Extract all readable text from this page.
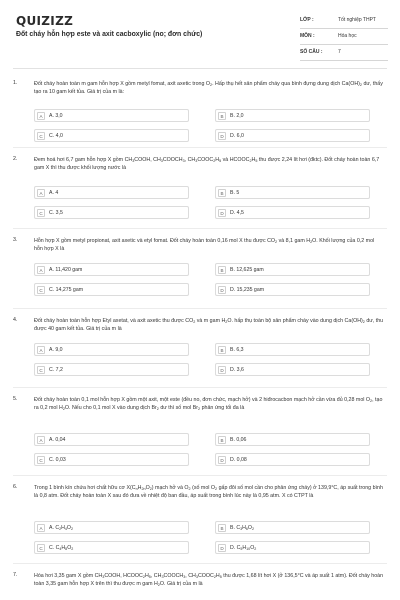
QUIZIZZ
Đốt cháy hỗn hợp este và axit cacboxylic (no; đơn chức)
LỚP :	Tốt nghiệp THPT
MÔN :	Hóa học
SỐ CÂU :	7
1.	Đốt cháy hoàn toàn m gam hỗn hợp X gồm metyl fomat, axit axetic trong $O_2$. Hấp thụ hết sản phẩm cháy qua bình đựng dung dịch $Ca(OH)_2$ dư, thấy tạo ra 10 gam kết tủa. Giá trị của m là:
A	A. 3,0	B	B. 2,0
C	C. 4,0	D	D. 6,0
2.	Đem hoá hơi 6,7 gam hỗn hợp X gồm $CH_3COOH$, $CH_3COOCH_3$, $CH_3COOC_2H_5$ và $HCOOC_2H_5$ thu được 2,24 lít hơi (đktc). Đốt cháy hoàn toàn 6,7 gam X thì thu được khối lượng nước là
A	A. 4	B	B. 5
C	C. 3,5	D	D. 4,5
3.	Hỗn hợp X gồm metyl propionat, axit axetic và etyl fomat. Đốt cháy hoàn toàn 0,16 mol X thu được $CO_2$ và 8,1 gam $H_2O$. Khối lượng của 0,2 mol hỗn hợp X là
A	A. 11,420 gam	B	B. 12,625 gam
C	C. 14,275 gam	D	D. 15,235 gam
4.	Đốt cháy hoàn toàn hỗn hợp Etyl axetat, và axit axetic thu được $CO_2$ và m gam $H_2O$. hấp thụ toàn bộ sản phẩm cháy vào dung dịch $Ca(OH)_2$ dư, thu được 40 gam kết tủa. Giá trị của m là
A	A. 9,0	B	B. 6,3
C	C. 7,2	D	D. 3,6
5.	Đốt cháy hoàn toàn 0,1 mol hỗn hợp X gồm một axit, một este (đều no, đơn chức, mạch hở) và 2 hiđrocacbon mạch hở cần vừa đủ 0,28 mol $O_2$, tạo ra 0,2 mol $H_2O$. Nếu cho 0,1 mol X vào dung dịch $Br_2$ dư thì số mol $Br_2$ phản ứng tối đa là
A	A. 0,04	B	B. 0,06
C	C. 0,03	D	D. 0,08
6.	Trong 1 bình kín chứa hơi chất hữu cơ $X(C_nH_{2n}O_2)$ mạch hở và $O_2$ (số mol $O_2$ gấp đôi số mol cần cho phản ứng cháy) ở 139,9°C, áp suất trong bình là 0,8 atm. Đốt cháy hoàn toàn X sau đó đưa về nhiệt độ ban đầu, áp suất trong bình lúc này là 0,95 atm. X có CTPT là
A	A. $C_2H_4O_2$	B	B. $C_3H_6O_2$
C	C. $C_4H_8O_2$	D	D. $C_5H_{10}O_2$
7.	Hóa hơi 3,35 gam X gồm $CH_3COOH$, $HCOOC_2H_5$, $CH_3COOCH_3$, $CH_3COOC_2H_5$ thu được 1,68 lít hơi X (ở 136,5°C và áp suất 1 atm). Đốt cháy hoàn toàn 3,35 gam hỗn hợp X trên thì thu được m gam $H_2O$. Giá trị của m là
